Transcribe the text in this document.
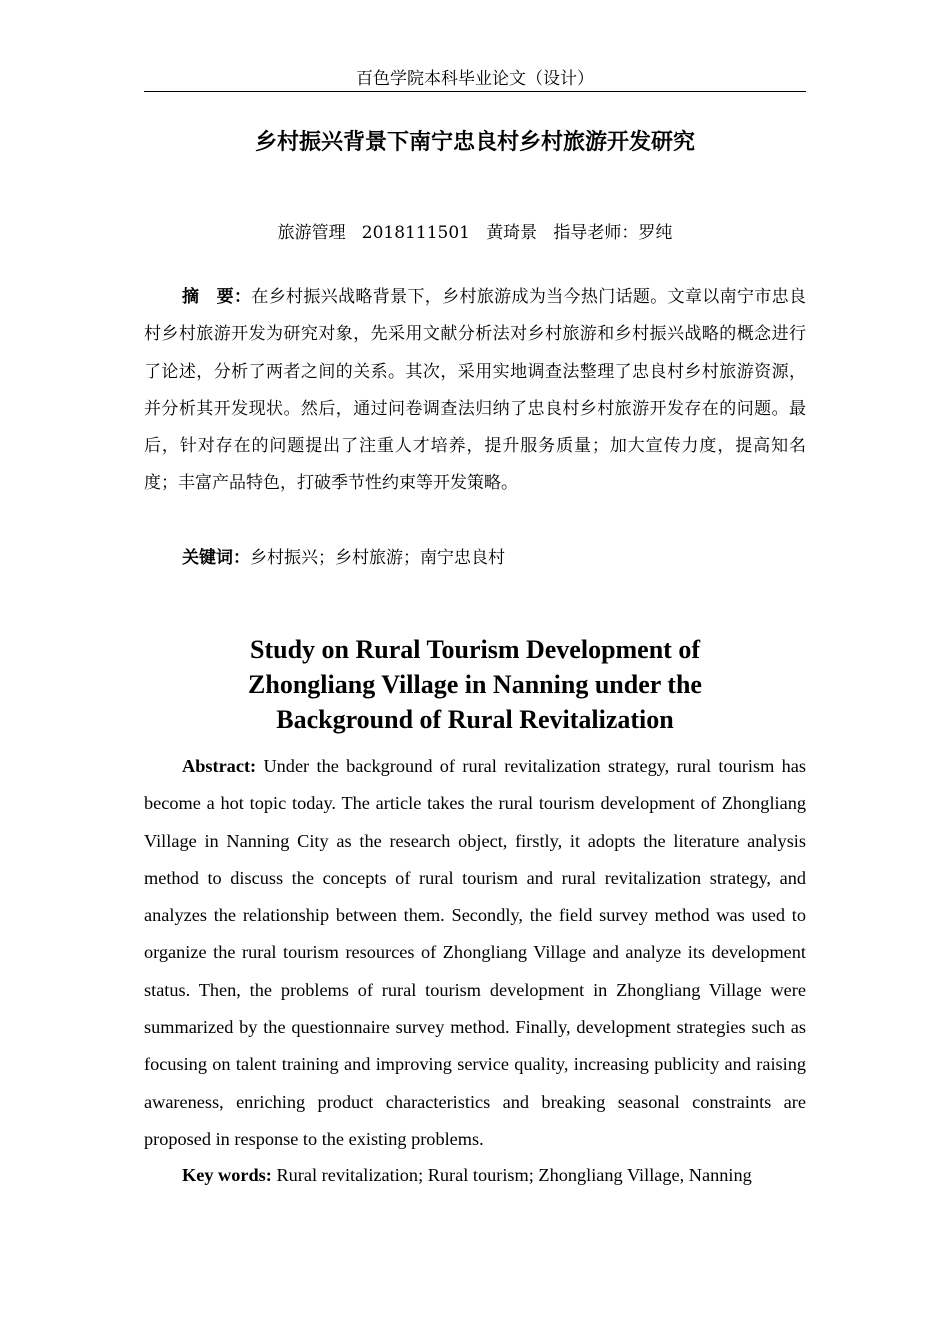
百色学院本科毕业论文（设计）
乡村振兴背景下南宁忠良村乡村旅游开发研究
旅游管理 2018111501 黄琦景 指导老师：罗纯
摘　要：在乡村振兴战略背景下，乡村旅游成为当今热门话题。文章以南宁市忠良村乡村旅游开发为研究对象，先采用文献分析法对乡村旅游和乡村振兴战略的概念进行了论述，分析了两者之间的关系。其次，采用实地调查法整理了忠良村乡村旅游资源，并分析其开发现状。然后，通过问卷调查法归纳了忠良村乡村旅游开发存在的问题。最后，针对存在的问题提出了注重人才培养，提升服务质量；加大宣传力度，提高知名度；丰富产品特色，打破季节性约束等开发策略。
关键词：乡村振兴；乡村旅游；南宁忠良村
Study on Rural Tourism Development of Zhongliang Village in Nanning under the Background of Rural Revitalization
Abstract: Under the background of rural revitalization strategy, rural tourism has become a hot topic today. The article takes the rural tourism development of Zhongliang Village in Nanning City as the research object, firstly, it adopts the literature analysis method to discuss the concepts of rural tourism and rural revitalization strategy, and analyzes the relationship between them. Secondly, the field survey method was used to organize the rural tourism resources of Zhongliang Village and analyze its development status. Then, the problems of rural tourism development in Zhongliang Village were summarized by the questionnaire survey method. Finally, development strategies such as focusing on talent training and improving service quality, increasing publicity and raising awareness, enriching product characteristics and breaking seasonal constraints are proposed in response to the existing problems.
Key words: Rural revitalization; Rural tourism; Zhongliang Village, Nanning
